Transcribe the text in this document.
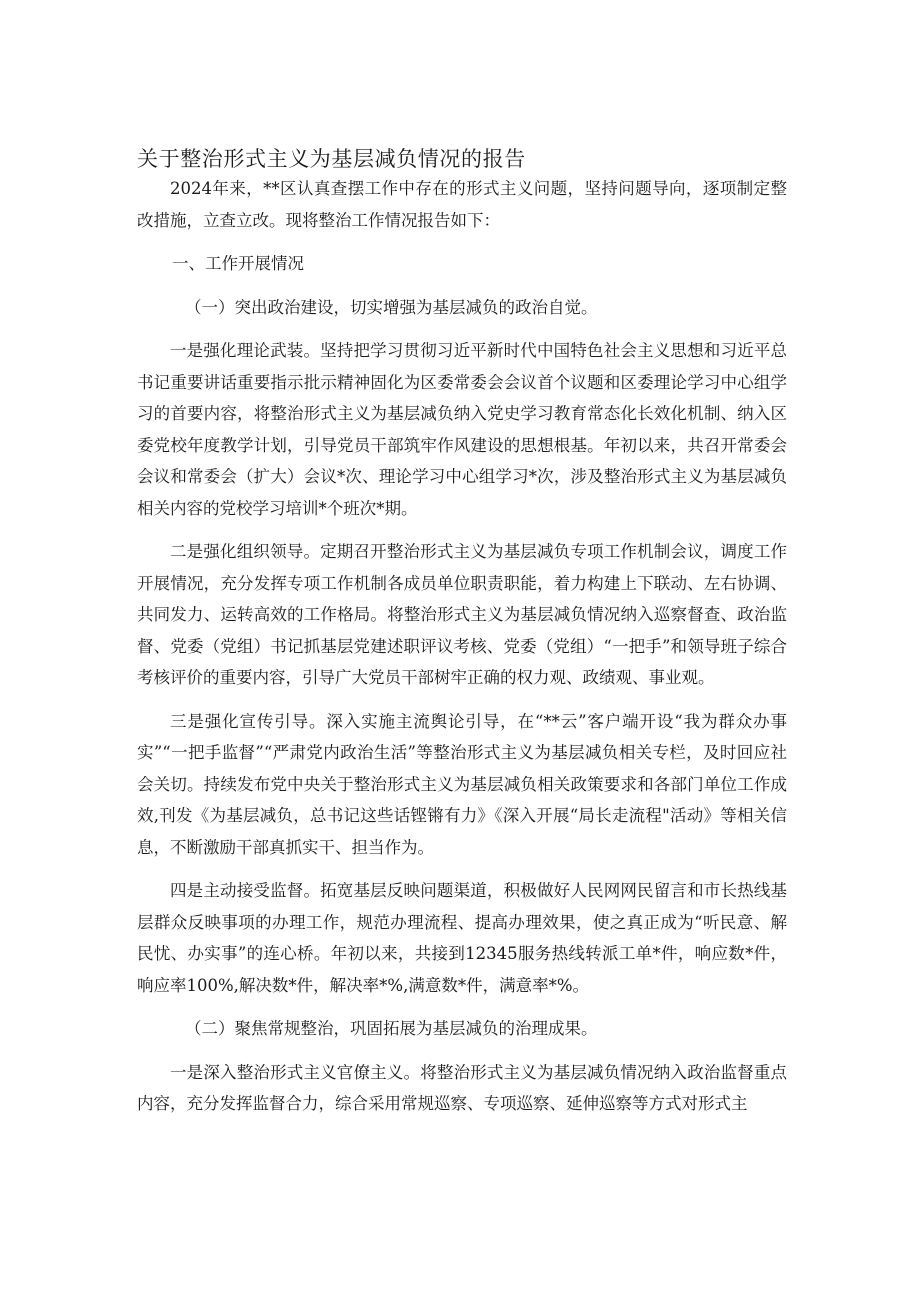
关于整治形式主义为基层减负情况的报告

2024年来，**区认真查摆工作中存在的形式主义问题，坚持问题导向，逐项制定整改措施，立查立改。现将整治工作情况报告如下：

一、工作开展情况

（一）突出政治建设，切实增强为基层减负的政治自觉。

一是强化理论武装。坚持把学习贯彻习近平新时代中国特色社会主义思想和习近平总书记重要讲话重要指示批示精神固化为区委常委会会议首个议题和区委理论学习中心组学习的首要内容，将整治形式主义为基层减负纳入党史学习教育常态化长效化机制、纳入区委党校年度教学计划，引导党员干部筑牢作风建设的思想根基。年初以来，共召开常委会会议和常委会（扩大）会议*次、理论学习中心组学习*次，涉及整治形式主义为基层减负相关内容的党校学习培训*个班次*期。

二是强化组织领导。定期召开整治形式主义为基层减负专项工作机制会议，调度工作开展情况，充分发挥专项工作机制各成员单位职责职能，着力构建上下联动、左右协调、共同发力、运转高效的工作格局。将整治形式主义为基层减负情况纳入巡察督查、政治监督、党委（党组）书记抓基层党建述职评议考核、党委（党组）“一把手”和领导班子综合考核评价的重要内容，引导广大党员干部树牢正确的权力观、政绩观、事业观。

三是强化宣传引导。深入实施主流舆论引导，在“**云”客户端开设“我为群众办事实”“一把手监督”“严肃党内政治生活”等整治形式主义为基层减负相关专栏，及时回应社会关切。持续发布党中央关于整治形式主义为基层减负相关政策要求和各部门单位工作成效,刊发《为基层减负，总书记这些话铿锵有力》《深入开展“局长走流程"活动》等相关信息，不断激励干部真抓实干、担当作为。

四是主动接受监督。拓宽基层反映问题渠道，积极做好人民网网民留言和市长热线基层群众反映事项的办理工作，规范办理流程、提高办理效果，使之真正成为“听民意、解民忧、办实事”的连心桥。年初以来，共接到12345服务热线转派工单*件，响应数*件，响应率100%,解决数*件，解决率*%,满意数*件，满意率*%。

（二）聚焦常规整治，巩固拓展为基层减负的治理成果。

一是深入整治形式主义官僚主义。将整治形式主义为基层减负情况纳入政治监督重点内容，充分发挥监督合力，综合采用常规巡察、专项巡察、延伸巡察等方式对形式主
